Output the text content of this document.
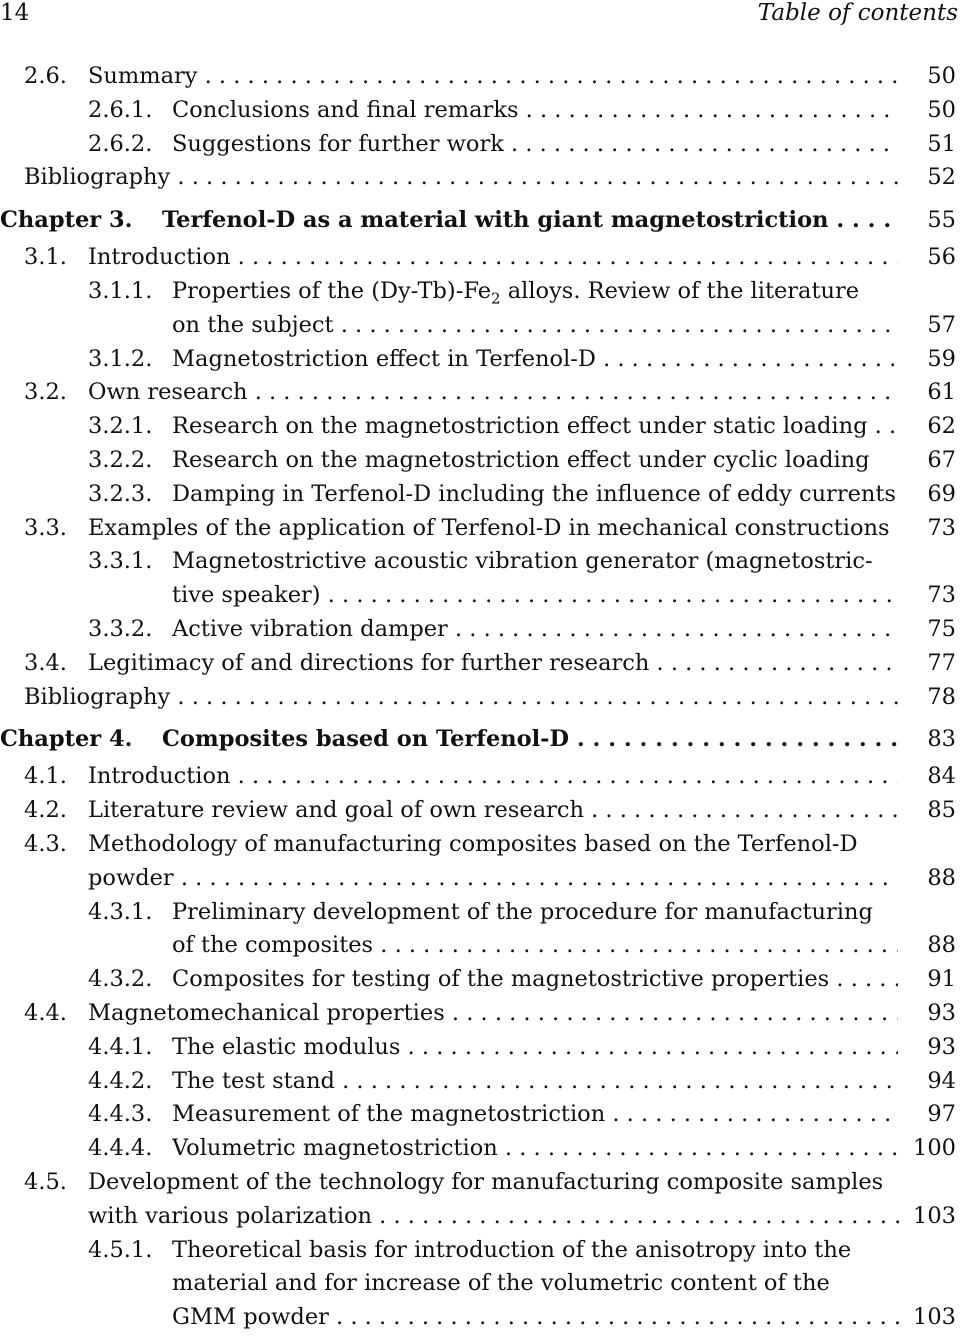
14	Table of contents
2.6. Summary . . .	50
2.6.1. Conclusions and final remarks . . .	50
2.6.2. Suggestions for further work . . .	51
Bibliography . . .	52
Chapter 3. Terfenol-D as a material with giant magnetostriction . . .	55
3.1. Introduction . . .	56
3.1.1. Properties of the $(Dy-Tb)-Fe_2$ alloys. Review of the literature
on the subject . . .	57
3.1.2. Magnetostriction effect in Terfenol-D . . .	59
3.2. Own research . . .	61
3.2.1. Research on the magnetostriction effect under static loading . . .	62
3.2.2. Research on the magnetostriction effect under cyclic loading	67
3.2.3. Damping in Terfenol-D including the influence of eddy currents 69
3.3. Examples of the application of Terfenol-D in mechanical constructions	73
3.3.1. Magnetostrictive acoustic vibration generator (magnetostric-
tive speaker) . . .	73
3.3.2. Active vibration damper . . .	75
3.4. Legitimacy of and directions for further research . . .	77
Bibliography . . .	78
Chapter 4. Composites based on Terfenol-D . . .	83
4.1. Introduction . . .	84
4.2. Literature review and goal of own research . . .	85
4.3. Methodology of manufacturing composites based on the Terfenol-D
powder . . .	88
4.3.1. Preliminary development of the procedure for manufacturing
of the composites . . .	88
4.3.2. Composites for testing of the magnetostrictive properties . . .	91
4.4. Magnetomechanical properties . . .	93
4.4.1. The elastic modulus . . .	93
4.4.2. The test stand . . .	94
4.4.3. Measurement of the magnetostriction . . .	97
4.4.4. Volumetric magnetostriction . . .	100
4.5. Development of the technology for manufacturing composite samples
with various polarization . . .	103
4.5.1. Theoretical basis for introduction of the anisotropy into the
material and for increase of the volumetric content of the
GMM powder . . .	103
